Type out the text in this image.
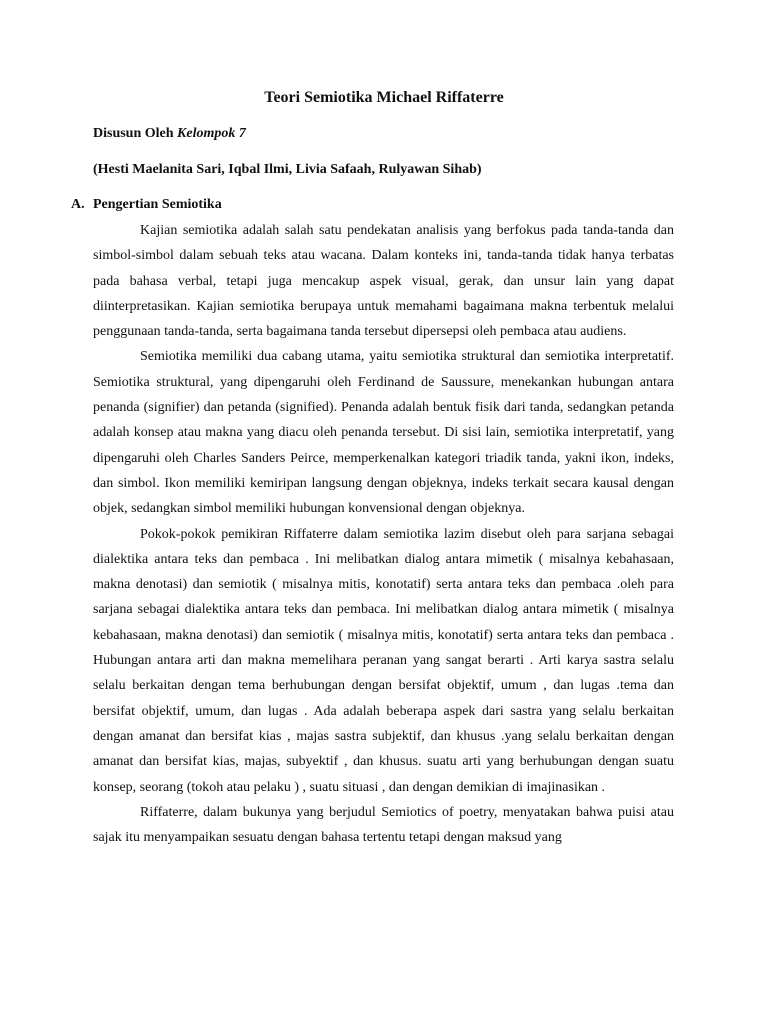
Teori Semiotika Michael Riffaterre

Disusun Oleh Kelompok 7

(Hesti Maelanita Sari, Iqbal Ilmi, Livia Safaah, Rulyawan Sihab)

A. Pengertian Semiotika

Kajian semiotika adalah salah satu pendekatan analisis yang berfokus pada tanda-tanda dan simbol-simbol dalam sebuah teks atau wacana. Dalam konteks ini, tanda-tanda tidak hanya terbatas pada bahasa verbal, tetapi juga mencakup aspek visual, gerak, dan unsur lain yang dapat diinterpretasikan. Kajian semiotika berupaya untuk memahami bagaimana makna terbentuk melalui penggunaan tanda-tanda, serta bagaimana tanda tersebut dipersepsi oleh pembaca atau audiens.

Semiotika memiliki dua cabang utama, yaitu semiotika struktural dan semiotika interpretatif. Semiotika struktural, yang dipengaruhi oleh Ferdinand de Saussure, menekankan hubungan antara penanda (signifier) dan petanda (signified). Penanda adalah bentuk fisik dari tanda, sedangkan petanda adalah konsep atau makna yang diacu oleh penanda tersebut. Di sisi lain, semiotika interpretatif, yang dipengaruhi oleh Charles Sanders Peirce, memperkenalkan kategori triadik tanda, yakni ikon, indeks, dan simbol. Ikon memiliki kemiripan langsung dengan objeknya, indeks terkait secara kausal dengan objek, sedangkan simbol memiliki hubungan konvensional dengan objeknya.

Pokok-pokok pemikiran Riffaterre dalam semiotika lazim disebut oleh para sarjana sebagai dialektika antara teks dan pembaca . Ini melibatkan dialog antara mimetik ( misalnya kebahasaan, makna denotasi) dan semiotik ( misalnya mitis, konotatif) serta antara teks dan pembaca .oleh para sarjana sebagai dialektika antara teks dan pembaca. Ini melibatkan dialog antara mimetik ( misalnya kebahasaan, makna denotasi) dan semiotik ( misalnya mitis, konotatif) serta antara teks dan pembaca . Hubungan antara arti dan makna memelihara peranan yang sangat berarti . Arti karya sastra selalu selalu berkaitan dengan tema berhubungan dengan bersifat objektif, umum , dan lugas .tema dan bersifat objektif, umum, dan lugas . Ada adalah beberapa aspek dari sastra yang selalu berkaitan dengan amanat dan bersifat kias , majas sastra subjektif, dan khusus .yang selalu berkaitan dengan amanat dan bersifat kias, majas, subyektif , dan khusus. suatu arti yang berhubungan dengan suatu konsep, seorang (tokoh atau pelaku ) , suatu situasi , dan dengan demikian di imajinasikan .

Riffaterre, dalam bukunya yang berjudul Semiotics of poetry, menyatakan bahwa puisi atau sajak itu menyampaikan sesuatu dengan bahasa tertentu tetapi dengan maksud yang
